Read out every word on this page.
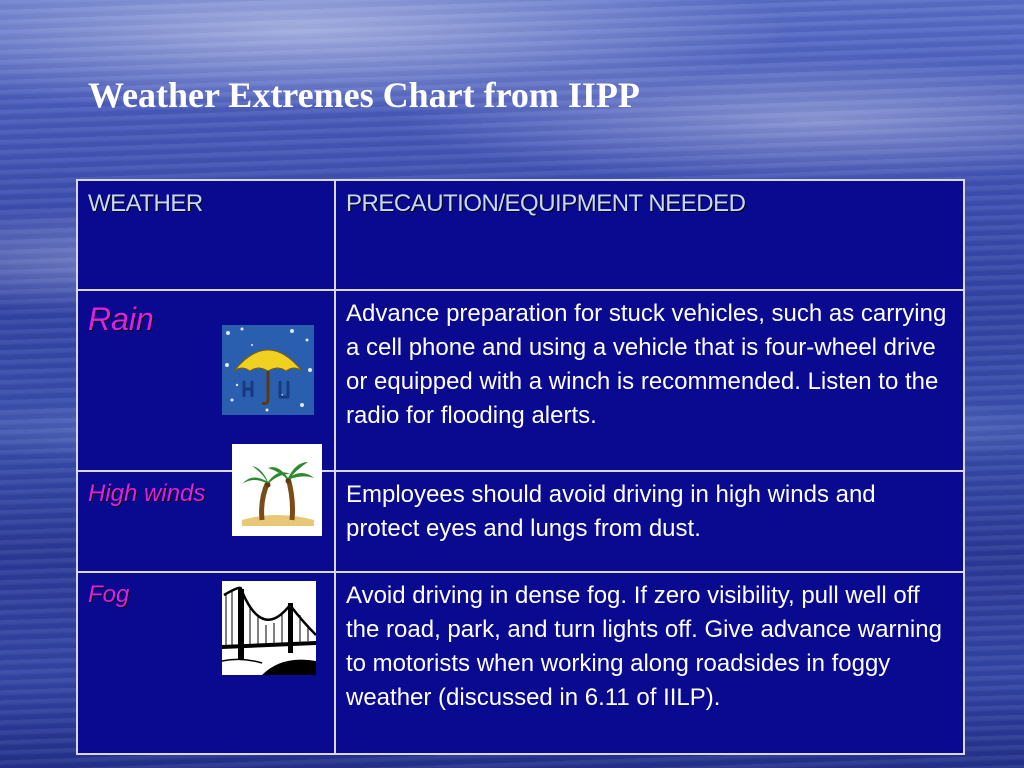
Weather Extremes Chart from IIPP
WEATHER	PRECAUTION/EQUIPMENT NEEDED

Rain	Advance preparation for stuck vehicles, such as carrying a cell phone and using a vehicle that is four-wheel drive or equipped with a winch is recommended. Listen to the radio for flooding alerts.

High winds	Employees should avoid driving in high winds and protect eyes and lungs from dust.

Fog	Avoid driving in dense fog. If zero visibility, pull well off the road, park, and turn lights off. Give advance warning to motorists when working along roadsides in foggy weather (discussed in 6.11 of IILP).
